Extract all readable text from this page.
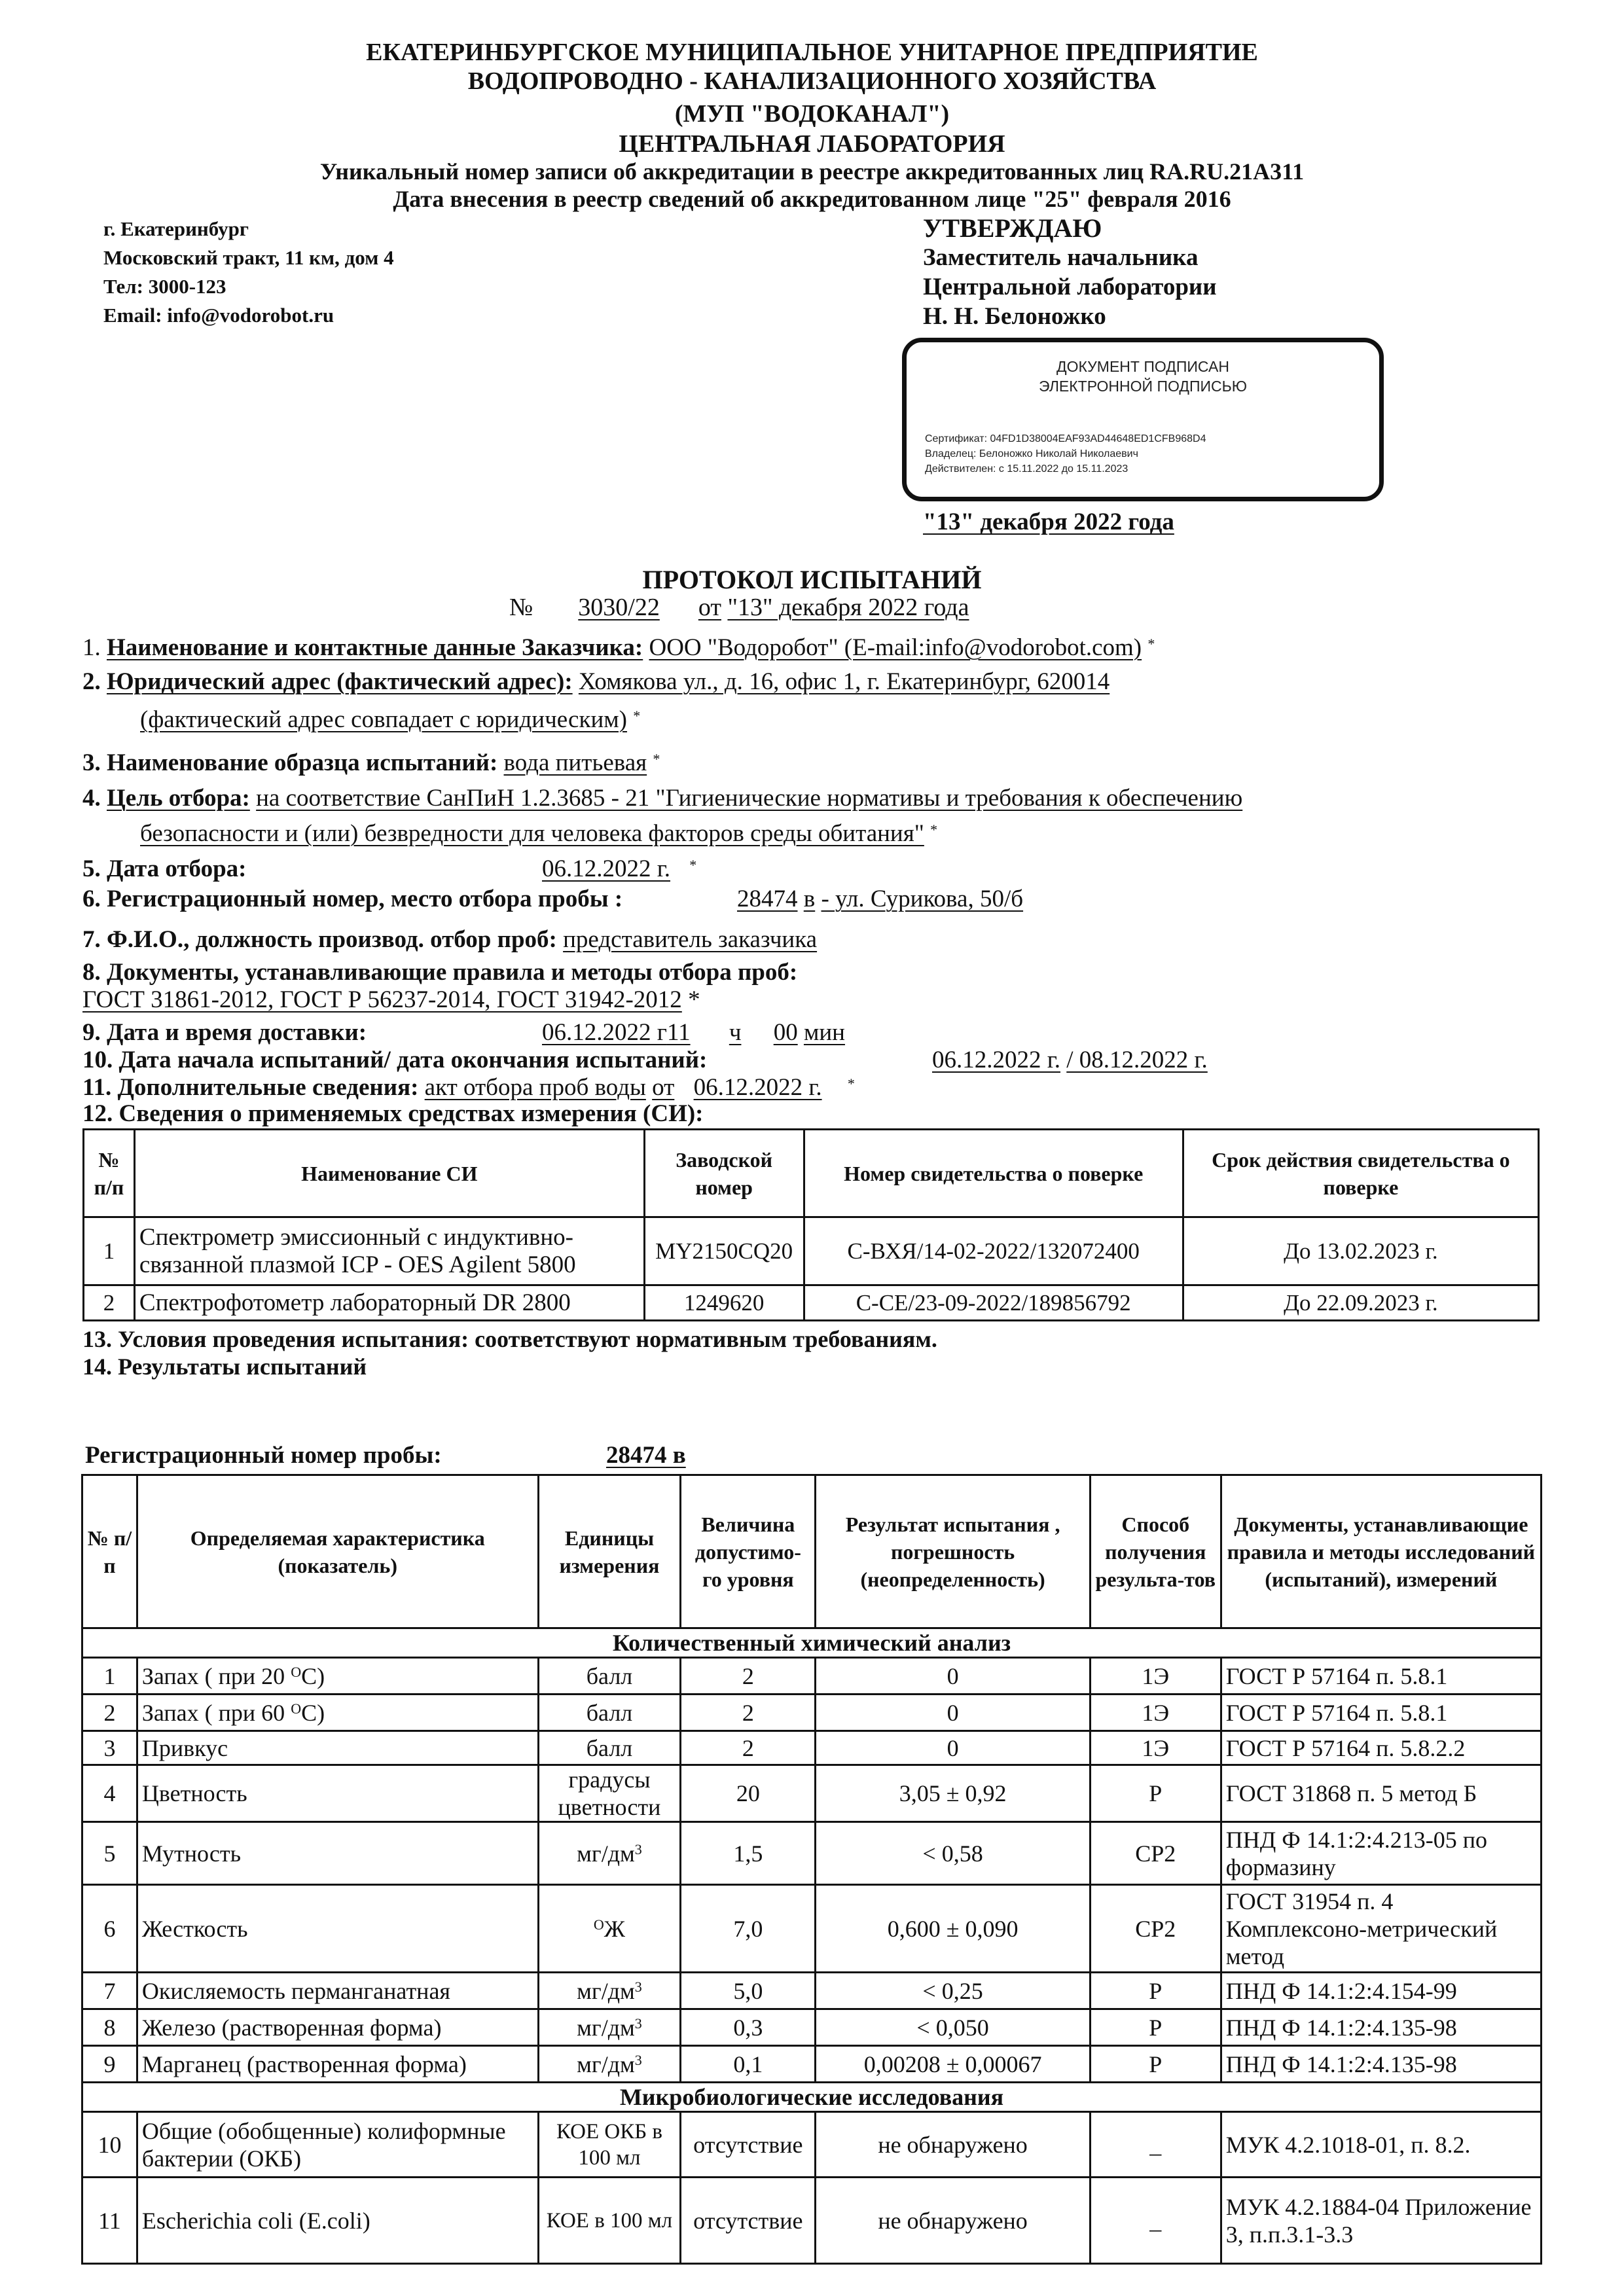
ЕКАТЕРИНБУРГСКОЕ МУНИЦИПАЛЬНОЕ УНИТАРНОЕ ПРЕДПРИЯТИЕ
ВОДОПРОВОДНО - КАНАЛИЗАЦИОННОГО ХОЗЯЙСТВА
(МУП "ВОДОКАНАЛ")
ЦЕНТРАЛЬНАЯ ЛАБОРАТОРИЯ
Уникальный номер записи об аккредитации в реестре аккредитованных лиц RA.RU.21А311
Дата внесения в реестр сведений об аккредитованном лице "25" февраля 2016
г. Екатеринбург
Московский тракт, 11 км, дом 4
Тел: 3000-123
Email: info@vodorobot.ru
УТВЕРЖДАЮ
Заместитель начальника
Центральной лаборатории
Н. Н. Белоножко
ДОКУМЕНТ ПОДПИСАН
ЭЛЕКТРОННОЙ ПОДПИСЬЮ
Сертификат: 04FD1D38004EAF93AD44648ED1CFB968D4
Владелец: Белоножко Николай Николаевич
Действителен: с 15.11.2022 до 15.11.2023
"13" декабря 2022 года
ПРОТОКОЛ ИСПЫТАНИЙ
№ 3030/22 от "13" декабря 2022 года
1. Наименование и контактные данные Заказчика: ООО "Водоробот" (E-mail:info@vodorobot.com) *
2. Юридический адрес (фактический адрес): Хомякова ул., д. 16, офис 1, г. Екатеринбург, 620014
(фактический адрес совпадает с юридическим) *
3. Наименование образца испытаний: вода питьевая *
4. Цель отбора: на соответствие СанПиН 1.2.3685 - 21 "Гигиенические нормативы и требования к обеспечению
безопасности и (или) безвредности для человека факторов среды обитания" *
5. Дата отбора:	06.12.2022 г. *
6. Регистрационный номер, место отбора пробы :	28474 в - ул. Сурикова, 50/б
7. Ф.И.О., должность производ. отбор проб: представитель заказчика
8. Документы, устанавливающие правила и методы отбора проб:
ГОСТ 31861-2012, ГОСТ Р 56237-2014, ГОСТ 31942-2012 *
9. Дата и время доставки:	06.12.2022 г11 ч 00 мин
10. Дата начала испытаний/ дата окончания испытаний:	06.12.2022 г. / 08.12.2022 г.
11. Дополнительные сведения: акт отбора проб воды от 06.12.2022 г. *
12. Сведения о применяемых средствах измерения (СИ):
№ п/п	Наименование СИ	Заводской номер	Номер свидетельства о поверке	Срок действия свидетельства о поверке
1	Спектрометр эмиссионный с индуктивно-связанной плазмой ICP - OES Agilent 5800	MY2150CQ20	С-ВХЯ/14-02-2022/132072400	До 13.02.2023 г.
2	Спектрофотометр лабораторный DR 2800	1249620	С-СЕ/23-09-2022/189856792	До 22.09.2023 г.
13. Условия проведения испытания: соответствуют нормативным требованиям.
14. Результаты испытаний
Регистрационный номер пробы:	28474 в
№ п/п	Определяемая характеристика (показатель)	Единицы измерения	Величина допустимо-го уровня	Результат испытания , погрешность (неопределенность)	Способ получения результа-тов	Документы, устанавливающие правила и методы исследований (испытаний), измерений
Количественный химический анализ						
1	Запах ( при 20 $^О$С)	балл	2	0	1Э	ГОСТ Р 57164 п. 5.8.1
2	Запах ( при 60 $^О$С)	балл	2	0	1Э	ГОСТ Р 57164 п. 5.8.1
3	Привкус	балл	2	0	1Э	ГОСТ Р 57164 п. 5.8.2.2
4	Цветность	градусы цветности	20	3,05 ± 0,92	Р	ГОСТ 31868 п. 5 метод Б
5	Мутность	$мг/дм^3$	1,5	< 0,58	СР2	ПНД Ф 14.1:2:4.213-05 по формазину
6	Жесткость	$^О$Ж	7,0	0,600 ± 0,090	СР2	ГОСТ 31954 п. 4 Комплексоно-метрический метод
7	Окисляемость перманганатная	$мг/дм^3$	5,0	< 0,25	Р	ПНД Ф 14.1:2:4.154-99
8	Железо (растворенная форма)	$мг/дм^3$	0,3	< 0,050	Р	ПНД Ф 14.1:2:4.135-98
9	Марганец (растворенная форма)	$мг/дм^3$	0,1	0,00208 ± 0,00067	Р	ПНД Ф 14.1:2:4.135-98
Микробиологические исследования						
10	Общие (обобщенные) колиформные бактерии (ОКБ)	КОЕ ОКБ в 100 мл	отсутствие	не обнаружено	_	МУК 4.2.1018-01, п. 8.2.
11	Escherichia coli (E.coli)	КОЕ в 100 мл	отсутствие	не обнаружено	_	МУК 4.2.1884-04 Приложение 3, п.п.3.1-3.3
